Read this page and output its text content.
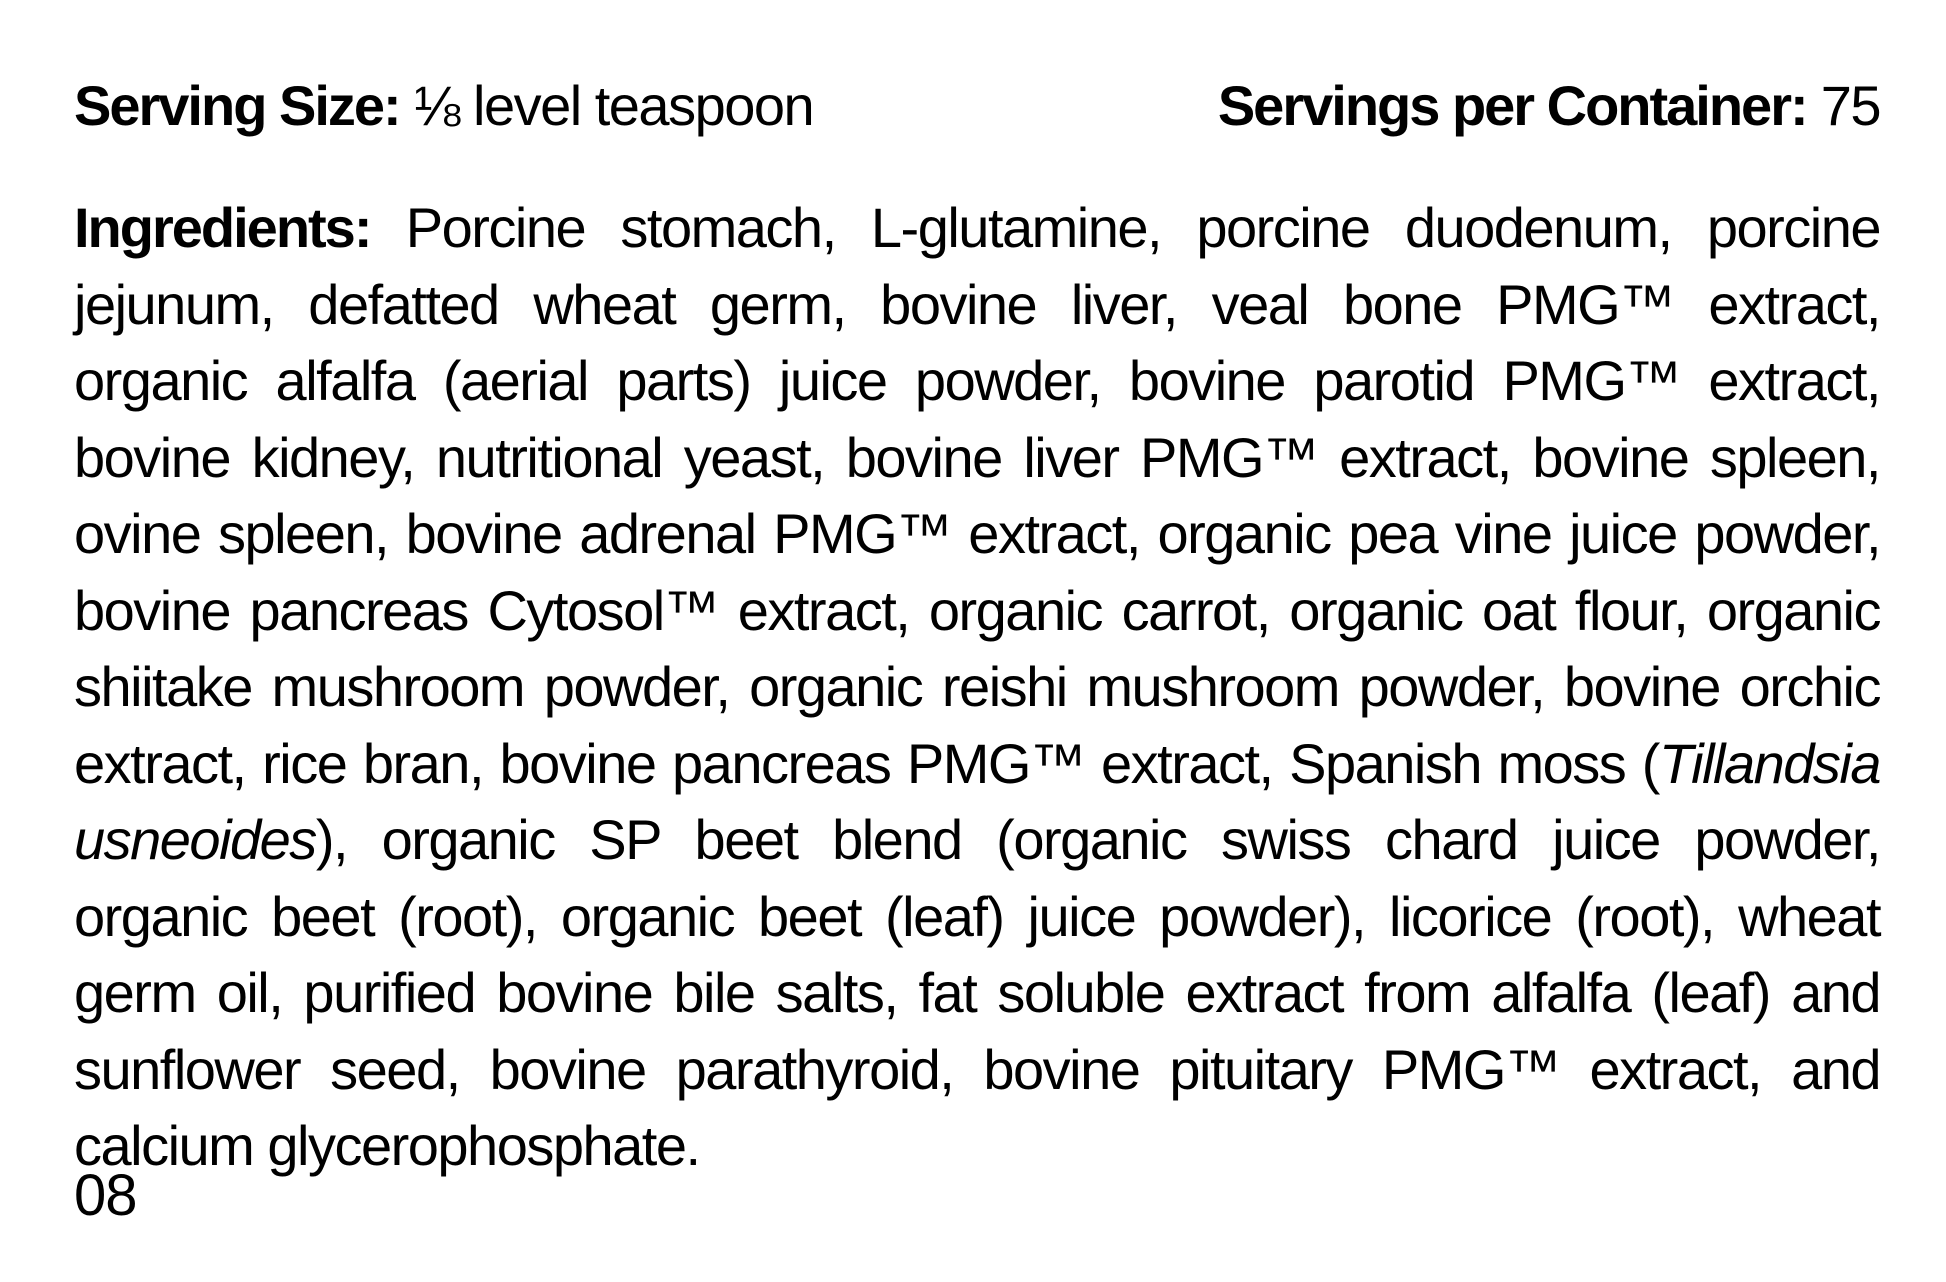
Serving Size: ⅛ level teaspoon	Servings per Container: 75

Ingredients: Porcine stomach, L-glutamine, porcine duodenum, porcine jejunum, defatted wheat germ, bovine liver, veal bone PMG™ extract, organic alfalfa (aerial parts) juice powder, bovine parotid PMG™ extract, bovine kidney, nutritional yeast, bovine liver PMG™ extract, bovine spleen, ovine spleen, bovine adrenal PMG™ extract, organic pea vine juice powder, bovine pancreas Cytosol™ extract, organic carrot, organic oat flour, organic shiitake mushroom powder, organic reishi mushroom powder, bovine orchic extract, rice bran, bovine pancreas PMG™ extract, Spanish moss (Tillandsia usneoides), organic SP beet blend (organic swiss chard juice powder, organic beet (root), organic beet (leaf) juice powder), licorice (root), wheat germ oil, purified bovine bile salts, fat soluble extract from alfalfa (leaf) and sunflower seed, bovine parathyroid, bovine pituitary PMG™ extract, and calcium glycerophosphate.

08
